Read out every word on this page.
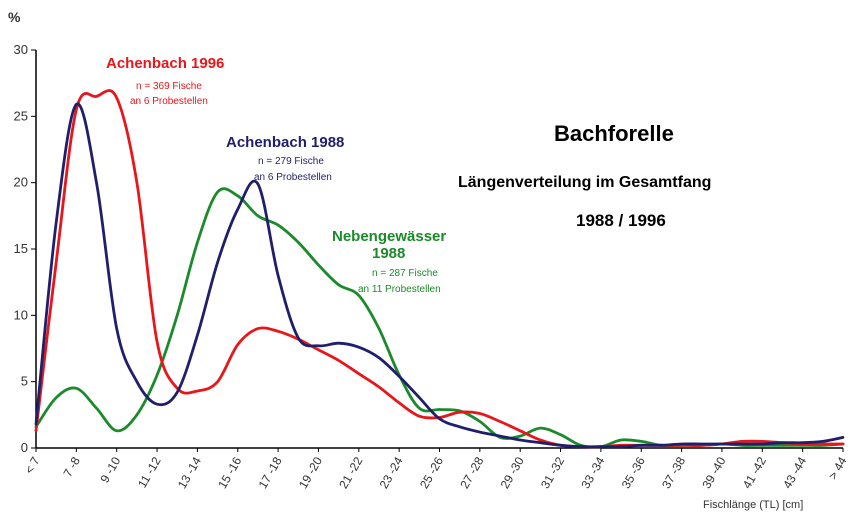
0
5
10
15
20
25
30
< 7 7 -8 9 -10 11 -12 13 -14 15 -16 17 -18 19 -20 21 -22 23 -24 25 -26 27 -28 29 -30 31 -32 33 -34 35 -36 37 -38 39 -40 41 -42 43 -44 > 44
%
Fischlänge (TL) [cm]
Achenbach 1996
n = 369 Fische
an 6 Probestellen
Achenbach 1988
n = 279 Fische
an 6 Probestellen
Nebengewässer 1988
n = 287 Fische
an 11 Probestellen
Bachforelle
Längenverteilung im Gesamtfang
1988 / 1996
